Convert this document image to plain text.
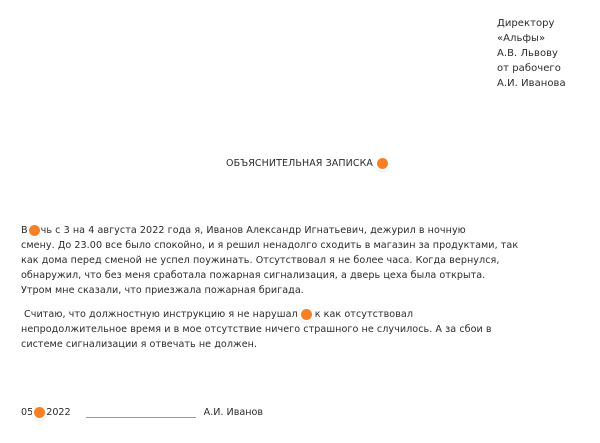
Директору
«Альфы»
А.В. Львову
от рабочего
А.И. Иванова
ОБЪЯСНИТЕЛЬНАЯ ЗАПИСКА
В чь с 3 на 4 августа 2022 года я, Иванов Александр Игнатьевич, дежурил в ночную
смену. До 23.00 все было спокойно, и я решил ненадолго сходить в магазин за продуктами, так
как дома перед сменой не успел поужинать. Отсутствовал я не более часа. Когда вернулся,
обнаружил, что без меня сработала пожарная сигнализация, а дверь цеха была открыта.
Утром мне сказали, что приезжала пожарная бригада.
Считаю, что должностную инструкцию я не нарушал к как отсутствовал
непродолжительное время и в мое отсутствие ничего страшного не случилось. А за сбои в
системе сигнализации я отвечать не должен.
05 2022	А.И. Иванов
